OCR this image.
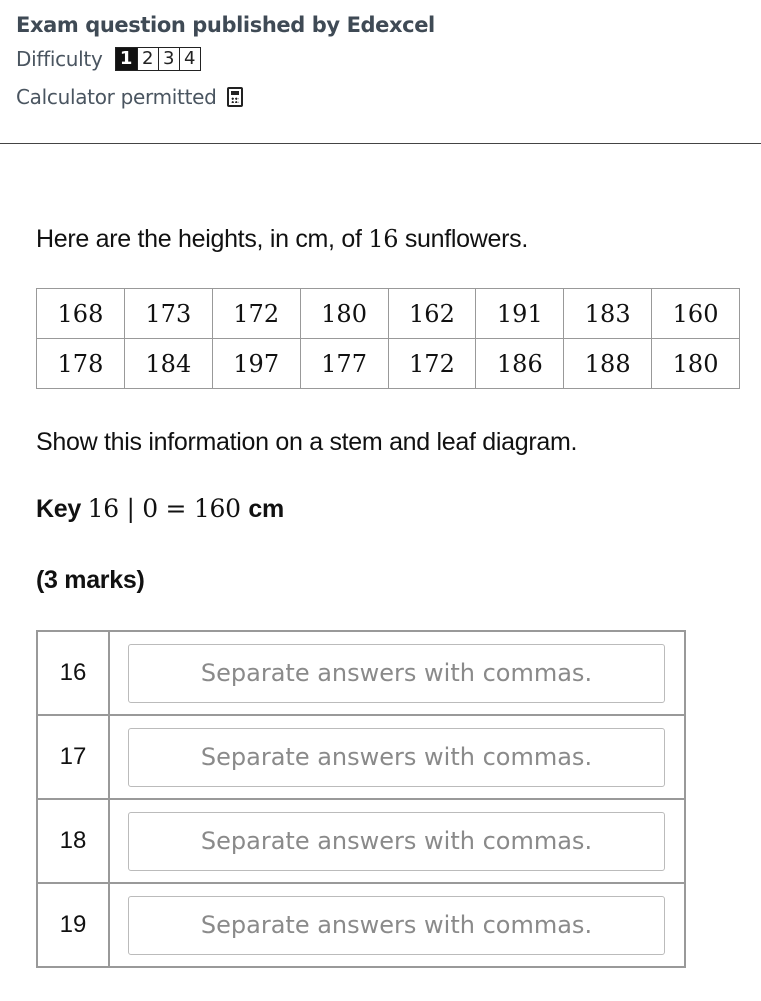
Exam question published by Edexcel
Difficulty 1 2 3 4
Calculator permitted
Here are the heights, in cm, of 16 sunflowers.
168	173	172	180	162	191	183	160
178	184	197	177	172	186	188	180
Show this information on a stem and leaf diagram.
Key 16 | 0 = 160 cm
(3 marks)
16	
Separate answers with commas.
17	
Separate answers with commas.
18	
Separate answers with commas.
19	
Separate answers with commas.
